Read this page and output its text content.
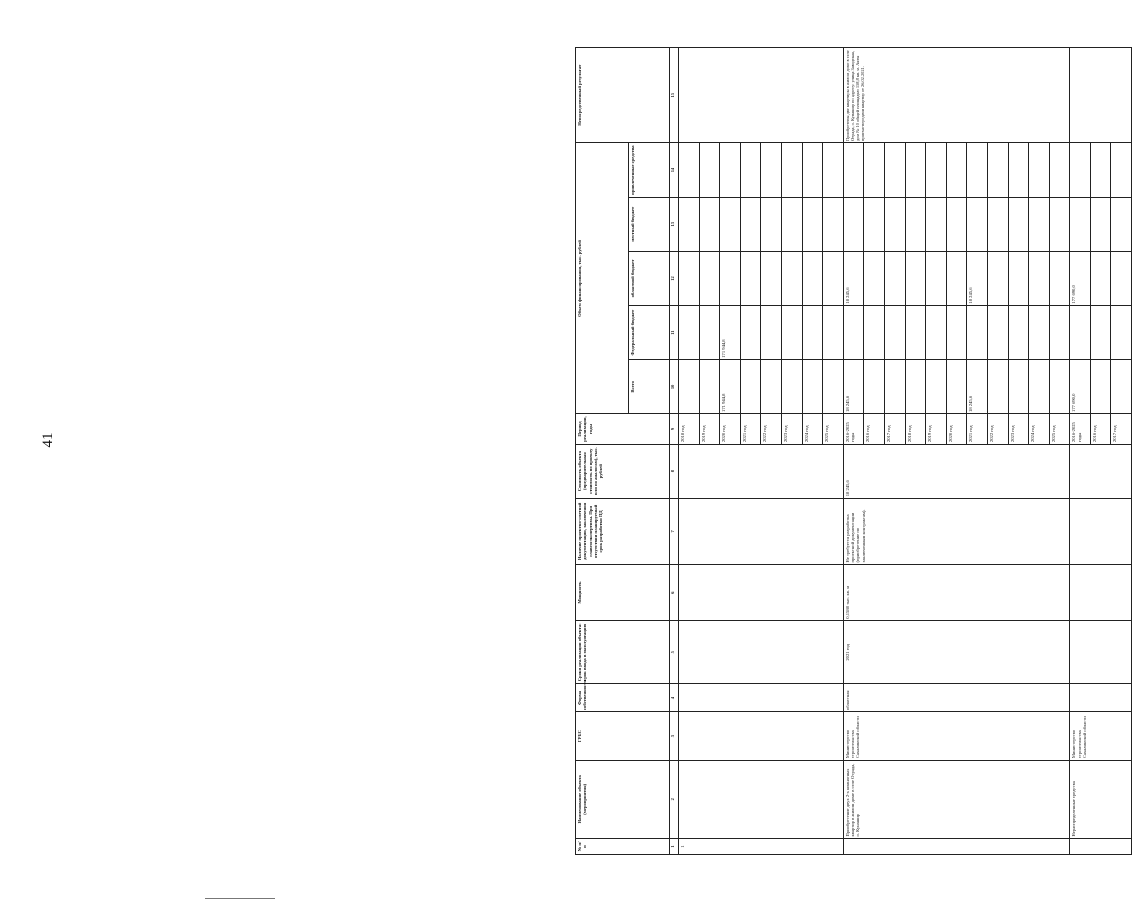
41
№ п/п	Наименование объекта (мероприятия)	ГРБС	Форма собственности	Сроки реализации объекта: срок ввода в эксплуатацию	Мощность	Наличие проектно-сметной документации, заключения главгосэкспертизы. При отсутствии планируемый срок разработки ПД	Стоимость объекта (предварительная стоимость по проекту или по аналогам), тыс. рублей	Период реализации, годы	Объем финансирования, тыс. рублей					Непосредственный результат
									Всего	Федеральный бюджет	областной бюджет	местный бюджет	привлеченные средства	
1	2	3	4	5	6	7	8	9	10	11	12	13	14	15
1								2018 год						
								2019 год						
								2020 год	171 944,8	171 944,8				
								2021 год						
								2022 год						
								2023 год						
								2024 год						
								2025 год						
	Приобретение двух 2-х комнатных квартир в жилом доме в селе Отрада, о. Кунашир	Министерство строительства Сахалинской области	областная	2021 год	0,1588 тыс. кв. м	Не требуется разработка проектной документации (приобретение по заключенным контрактам).	18 245,6	2016-2025 годы	18 245,6		18 245,6			Приобретены две квартиры в жилом доме в селе Отрада, о. Кунашир по адресу: улица Заводская, дом № 10 общей площадью 158,8 кв. м. Акты приема-передачи квартир от 26.02.2021.
								2016 год						
								2017 год						
								2018 год						
								2019 год						
								2020 год						
								2021 год	18 245,6		18 245,6			
								2022 год						
								2023 год						
								2024 год						
								2025 год						
	Нераспределенные средства	Министерство строительства Сахалинской области						2016-2025 годы	177 690,0		177 690,0			
								2016 год						
								2017 год						
